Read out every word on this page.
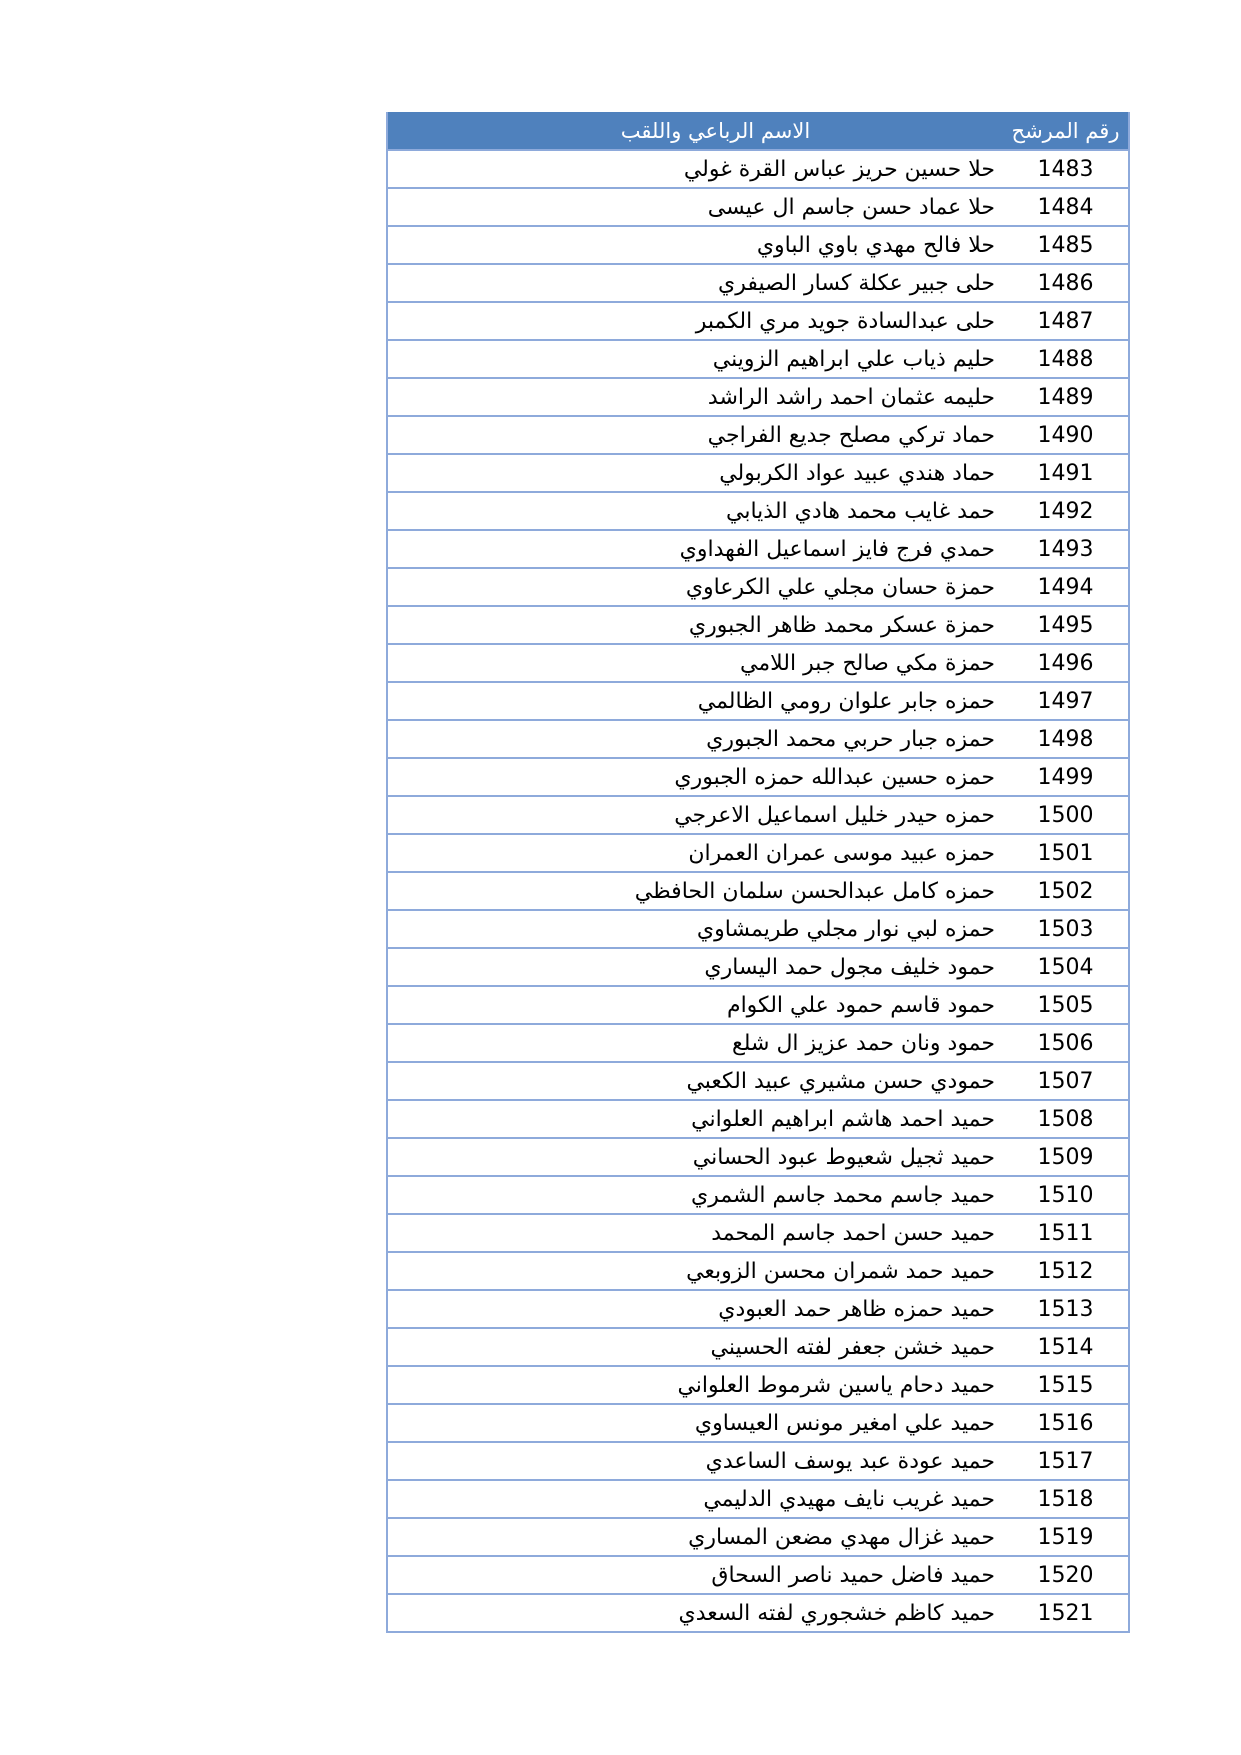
رقم المرشح
الاسم الرباعي واللقب
1483
حلا حسين حريز عباس القرة غولي
1484
حلا عماد حسن جاسم ال عيسى
1485
حلا فالح مهدي باوي الباوي
1486
حلى جبير عكلة كسار الصيفري
1487
حلى عبدالسادة جويد مري الكمبر
1488
حليم ذياب علي ابراهيم الزويني
1489
حليمه عثمان احمد راشد الراشد
1490
حماد تركي مصلح جديع الفراجي
1491
حماد هندي عبيد عواد الكربولي
1492
حمد غايب محمد هادي الذيابي
1493
حمدي فرج فايز اسماعيل الفهداوي
1494
حمزة حسان مجلي علي الكرعاوي
1495
حمزة عسكر محمد ظاهر الجبوري
1496
حمزة مكي صالح جبر اللامي
1497
حمزه جابر علوان رومي الظالمي
1498
حمزه جبار حربي محمد الجبوري
1499
حمزه حسين عبدالله حمزه الجبوري
1500
حمزه حيدر خليل اسماعيل الاعرجي
1501
حمزه عبيد موسى عمران العمران
1502
حمزه كامل عبدالحسن سلمان الحافظي
1503
حمزه لبي نوار مجلي طريمشاوي
1504
حمود خليف مجول حمد اليساري
1505
حمود قاسم حمود علي الكوام
1506
حمود ونان حمد عزيز ال شلع
1507
حمودي حسن مشيري عبيد الكعبي
1508
حميد احمد هاشم ابراهيم العلواني
1509
حميد ثجيل شعيوط عبود الحساني
1510
حميد جاسم محمد جاسم الشمري
1511
حميد حسن احمد جاسم المحمد
1512
حميد حمد شمران محسن الزوبعي
1513
حميد حمزه ظاهر حمد العبودي
1514
حميد خشن جعفر لفته الحسيني
1515
حميد دحام ياسين شرموط العلواني
1516
حميد علي امغير مونس العيساوي
1517
حميد عودة عبد يوسف الساعدي
1518
حميد غريب نايف مهيدي الدليمي
1519
حميد غزال مهدي مضعن المساري
1520
حميد فاضل حميد ناصر السحاق
1521
حميد كاظم خشجوري لفته السعدي
